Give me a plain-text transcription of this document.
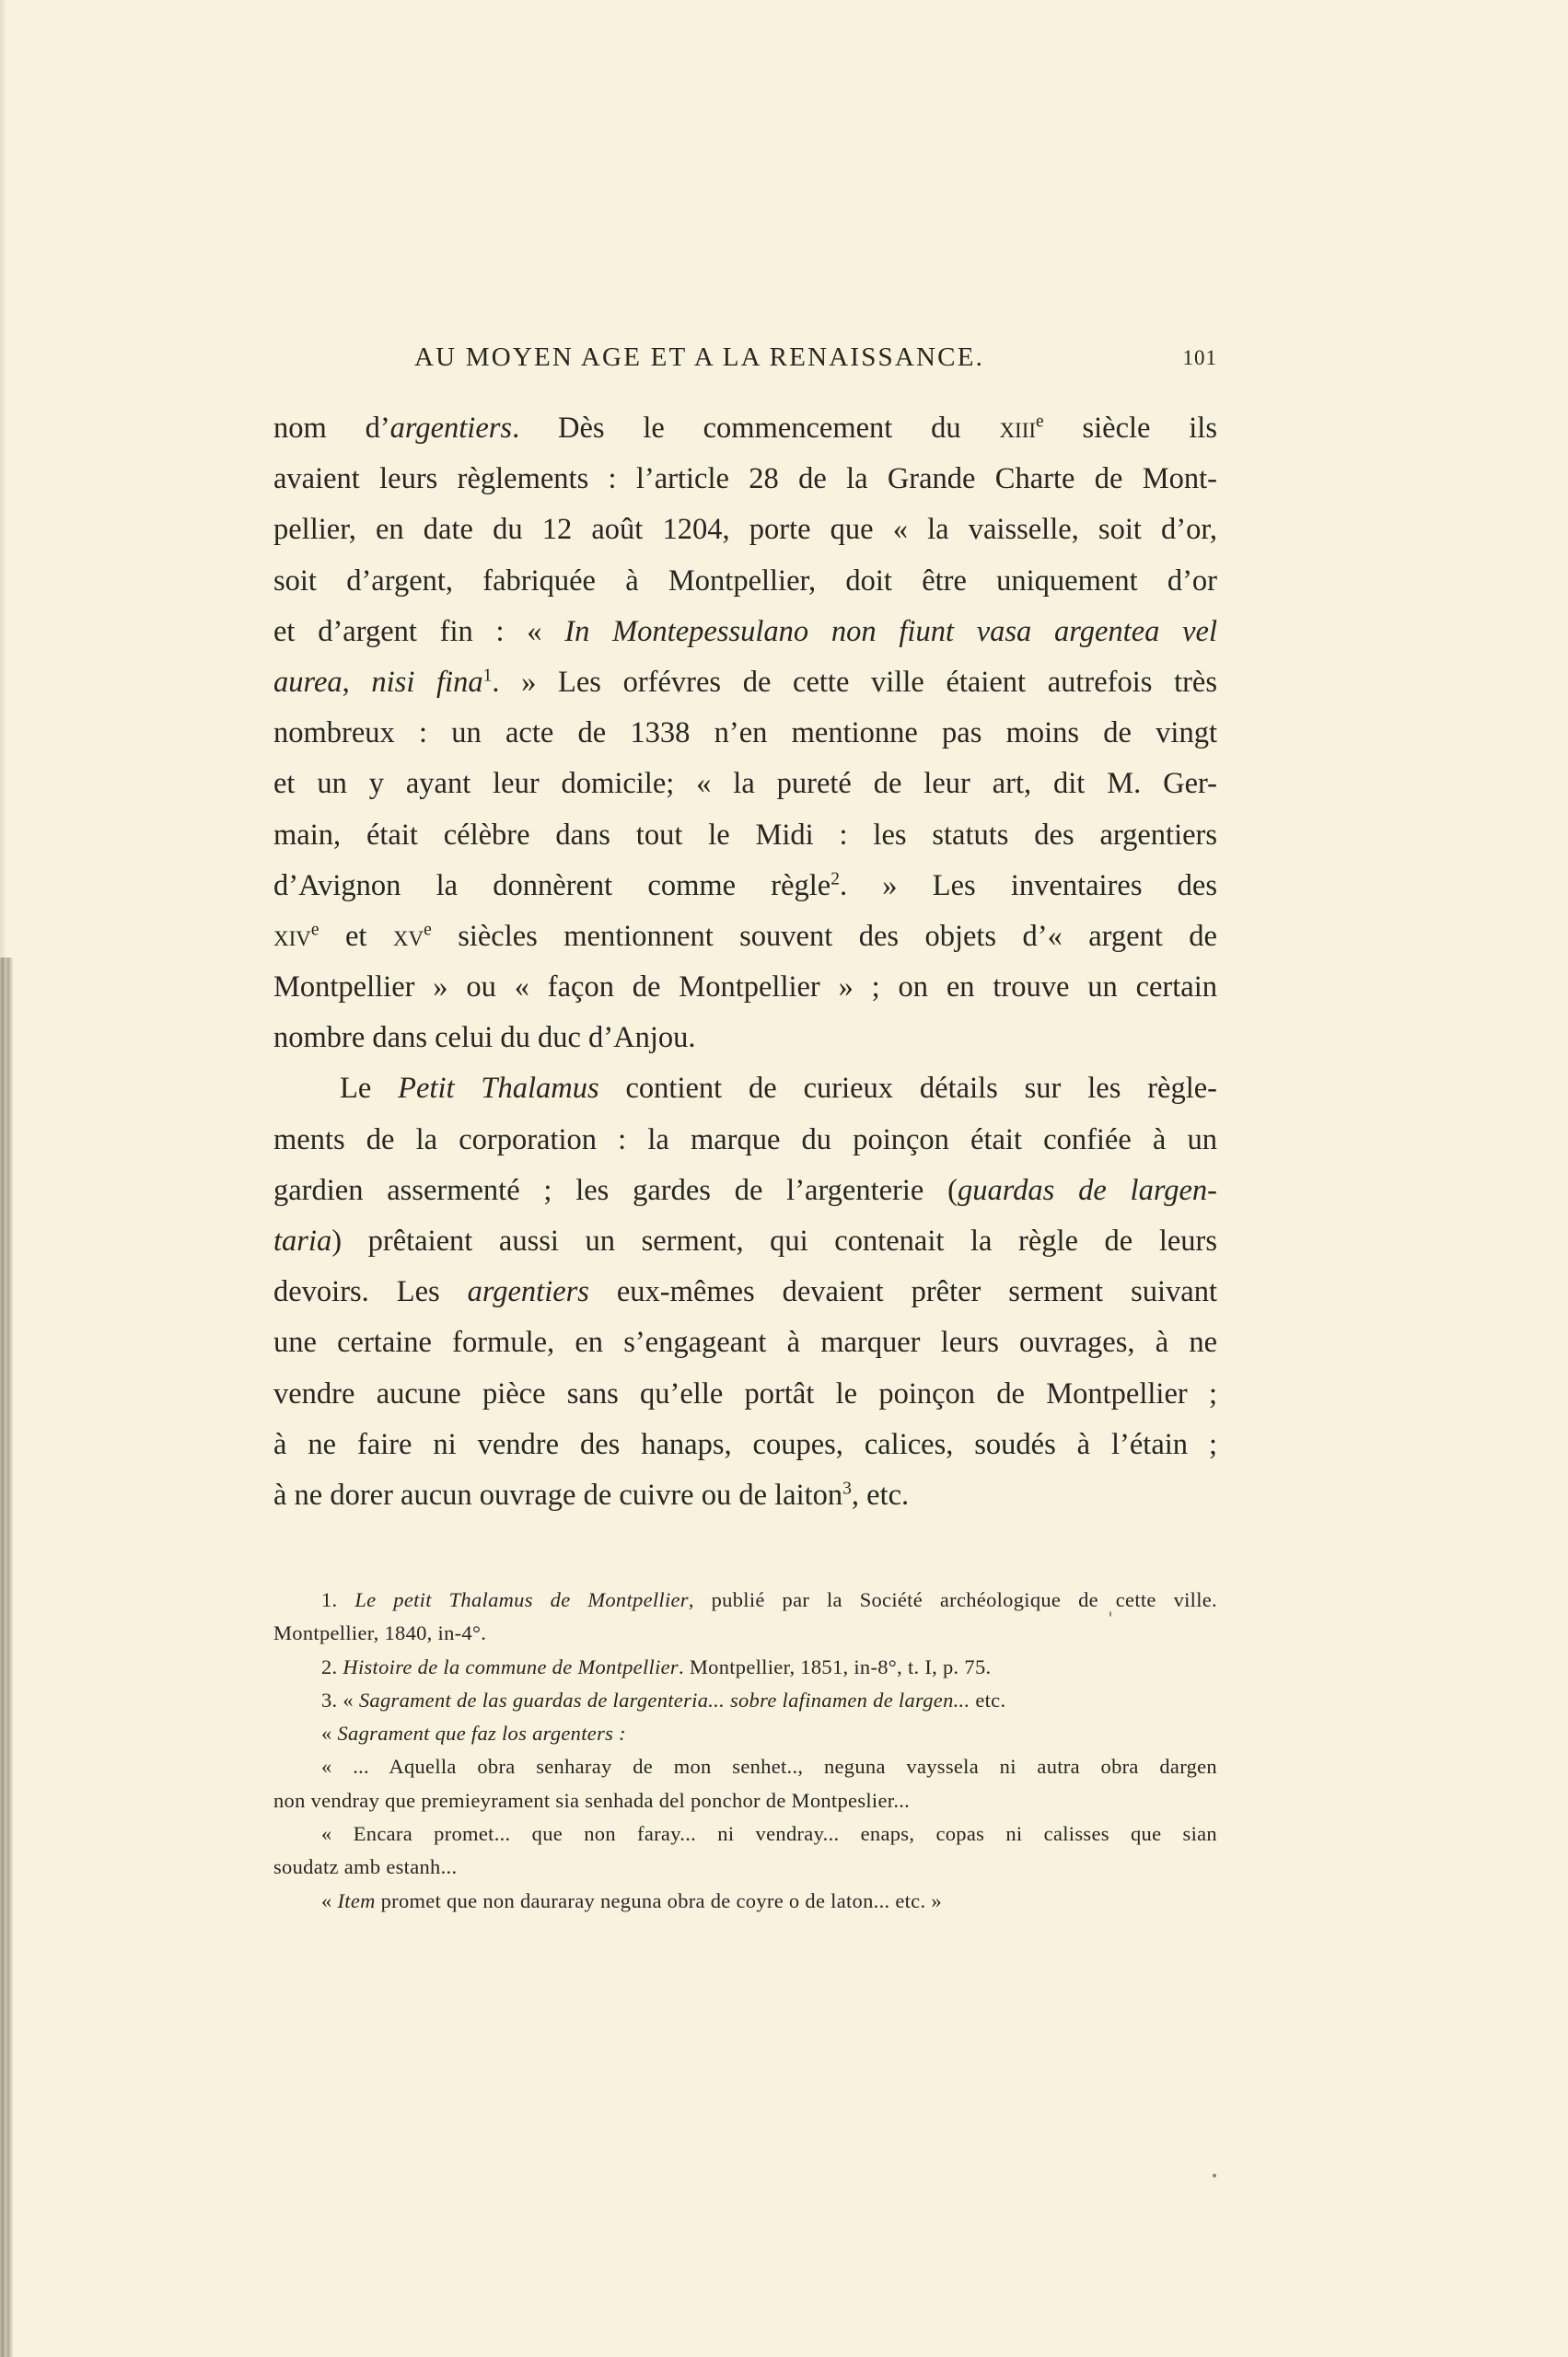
AU MOYEN AGE ET A LA RENAISSANCE.	101
nom d’argentiers. Dès le commencement du xiii$^e$ siècle ils
avaient leurs règlements : l’article 28 de la Grande Charte de Mont-
pellier, en date du 12 août 1204, porte que « la vaisselle, soit d’or,
soit d’argent, fabriquée à Montpellier, doit être uniquement d’or
et d’argent fin : « In Montepessulano non fiunt vasa argentea vel
aurea, nisi fina$^1$. » Les orfévres de cette ville étaient autrefois très
nombreux : un acte de 1338 n’en mentionne pas moins de vingt
et un y ayant leur domicile; « la pureté de leur art, dit M. Ger-
main, était célèbre dans tout le Midi : les statuts des argentiers
d’Avignon la donnèrent comme règle$^2$. » Les inventaires des
xiv$^e$ et $xv^e$ siècles mentionnent souvent des objets d’« argent de
Montpellier » ou « façon de Montpellier » ; on en trouve un certain
nombre dans celui du duc d’Anjou.
Le Petit Thalamus contient de curieux détails sur les règle-
ments de la corporation : la marque du poinçon était confiée à un
gardien assermenté ; les gardes de l’argenterie (guardas de largen-
taria) prêtaient aussi un serment, qui contenait la règle de leurs
devoirs. Les argentiers eux-mêmes devaient prêter serment suivant
une certaine formule, en s’engageant à marquer leurs ouvrages, à ne
vendre aucune pièce sans qu’elle portât le poinçon de Montpellier ;
à ne faire ni vendre des hanaps, coupes, calices, soudés à l’étain ;
à ne dorer aucun ouvrage de cuivre ou de laiton$^3$, etc.
1. Le petit Thalamus de Montpellier, publié par la Société archéologique de cette ville.
Montpellier, 1840, in-4°.
2. Histoire de la commune de Montpellier. Montpellier, 1851, in-8°, t. I, p. 75.
3. « Sagrament de las guardas de largenteria... sobre lafinamen de largen... etc.
« Sagrament que faz los argenters :
« ... Aquella obra senharay de mon senhet.., neguna vayssela ni autra obra dargen
non vendray que premieyrament sia senhada del ponchor de Montpeslier...
« Encara promet... que non faray... ni vendray... enaps, copas ni calisses que sian
soudatz amb estanh...
« Item promet que non dauraray neguna obra de coyre o de laton... etc. »
